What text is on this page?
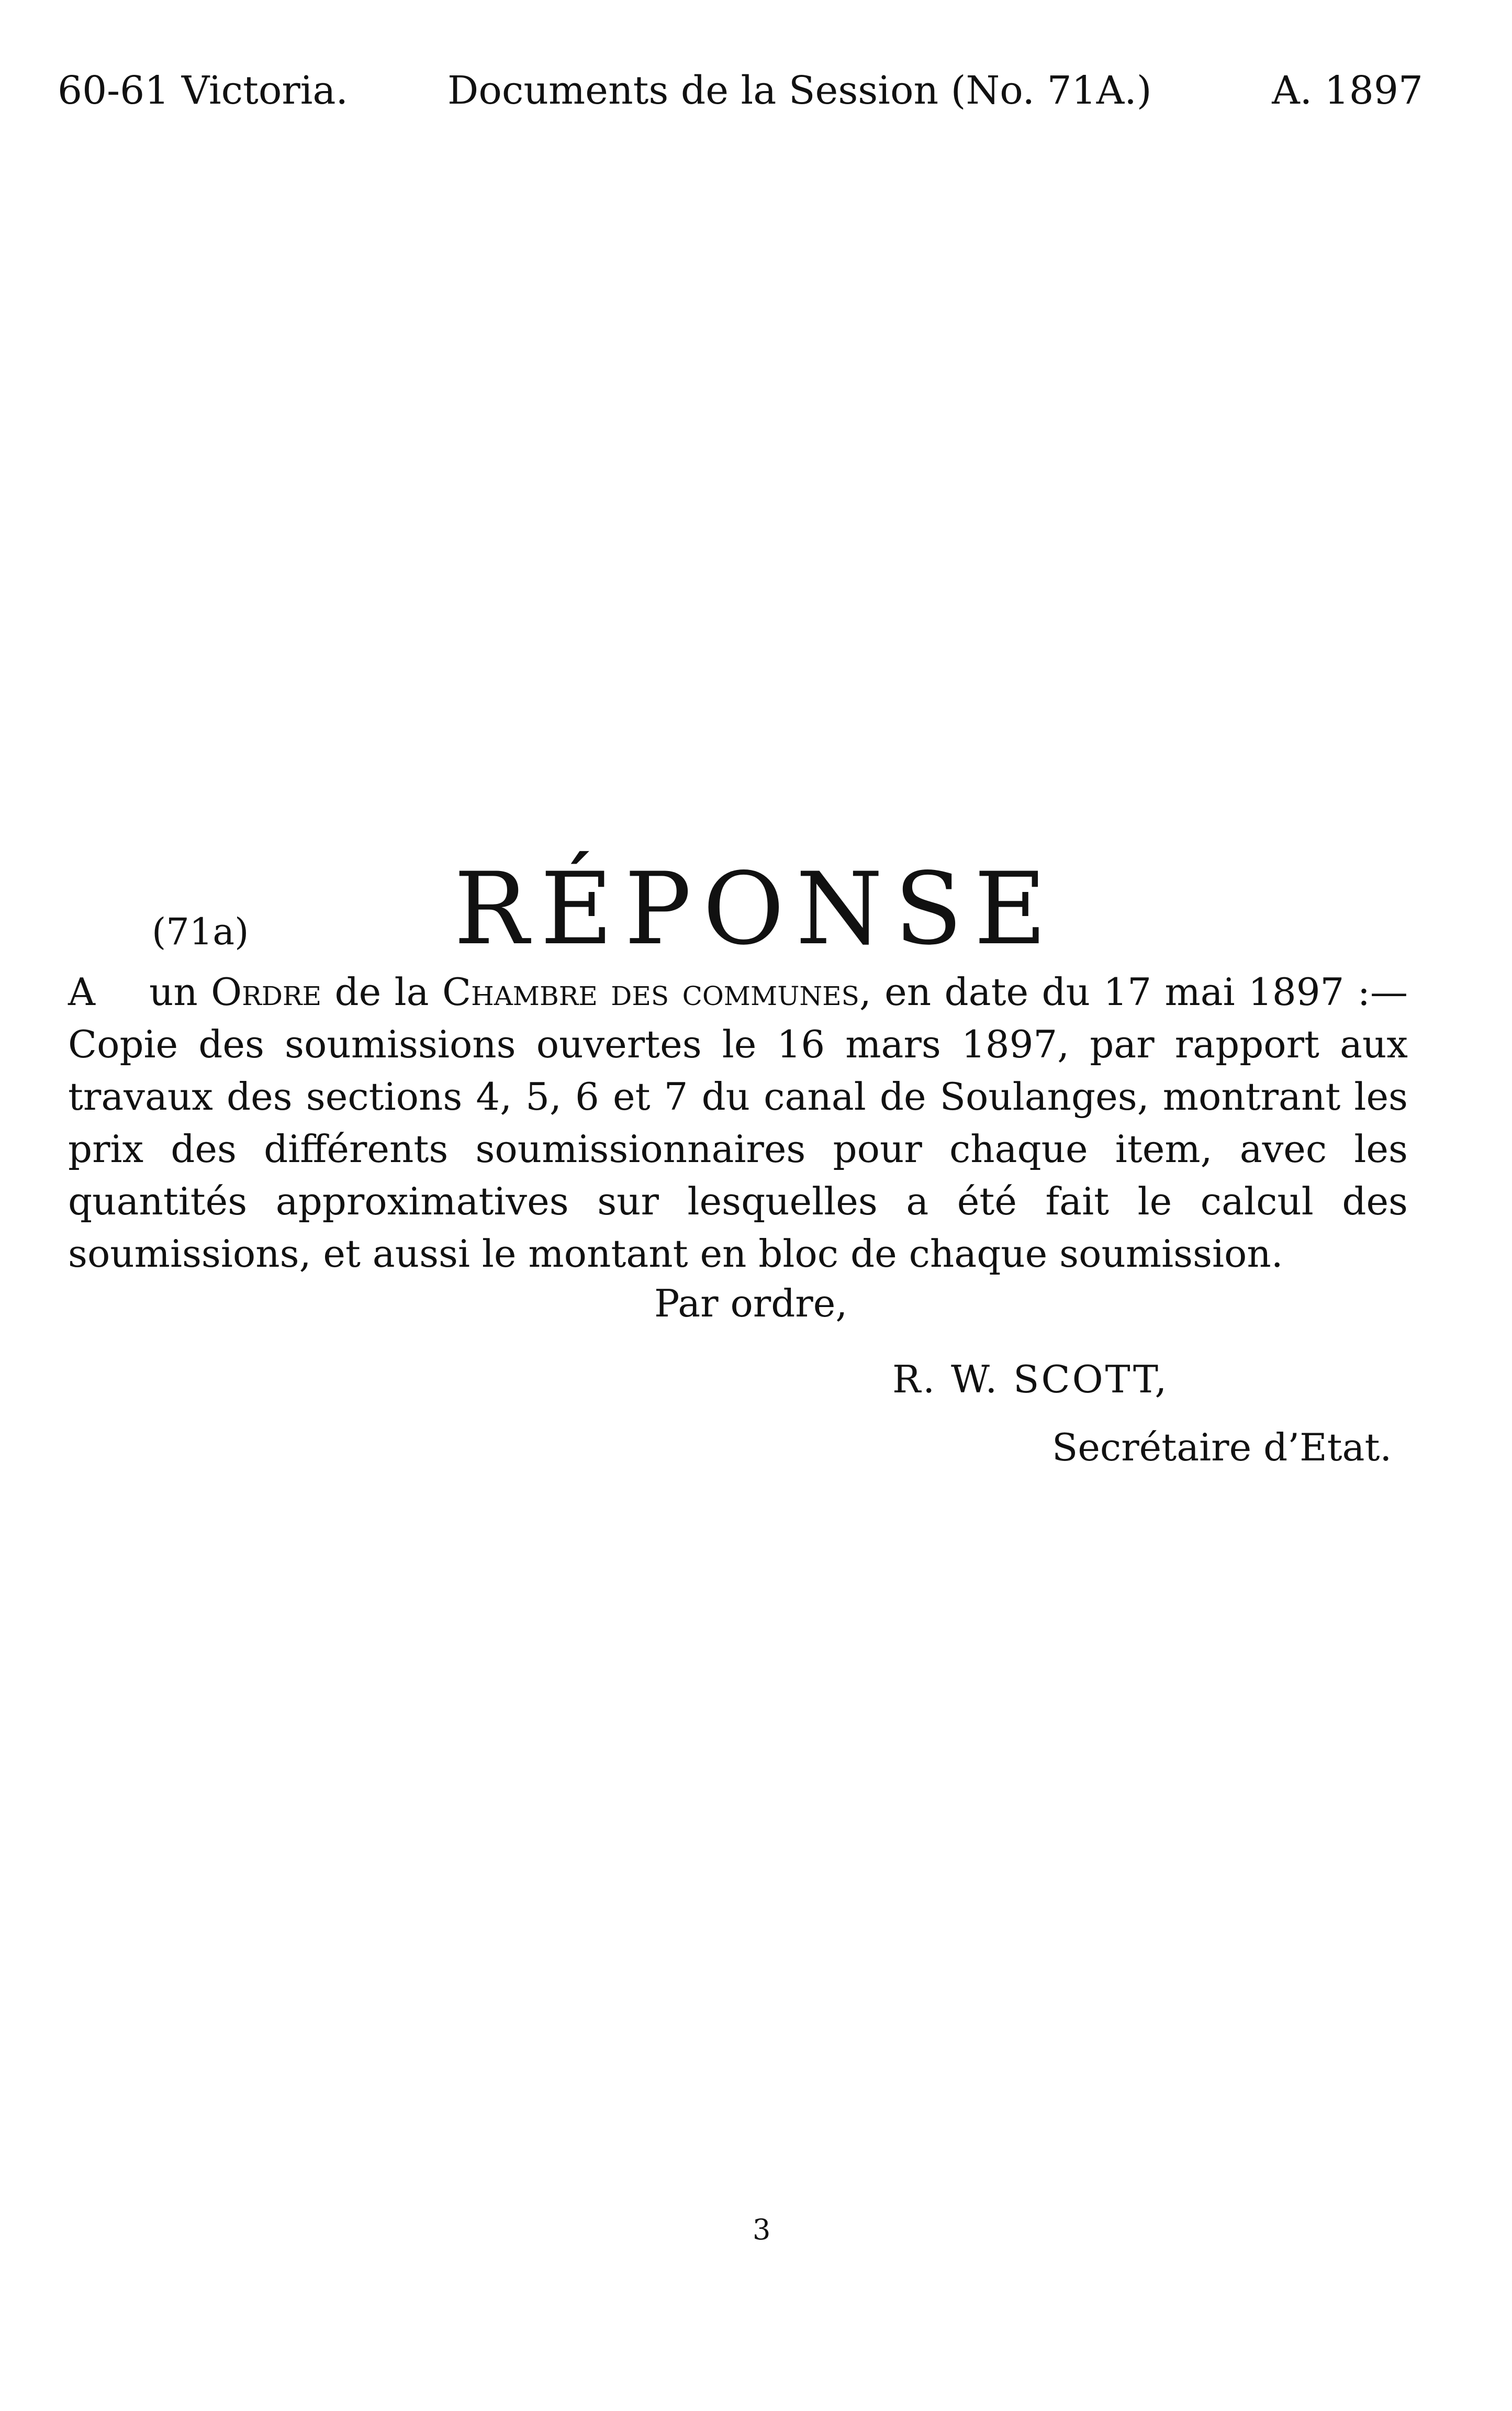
60-61 Victoria.	Documents de la Session (No. 71A.)	A. 1897
RÉPONSE
(71a)

A un Ordre de la Chambre des communes, en date du 17 mai 1897 :—Copie des soumissions ouvertes le 16 mars 1897, par rapport aux travaux des sections 4, 5, 6 et 7 du canal de Soulanges, montrant les prix des différents soumissionnaires pour chaque item, avec les quantités approximatives sur lesquelles a été fait le calcul des soumissions, et aussi le montant en bloc de chaque soumission.

Par ordre,
R. W. SCOTT,
Secrétaire d’Etat.
3
